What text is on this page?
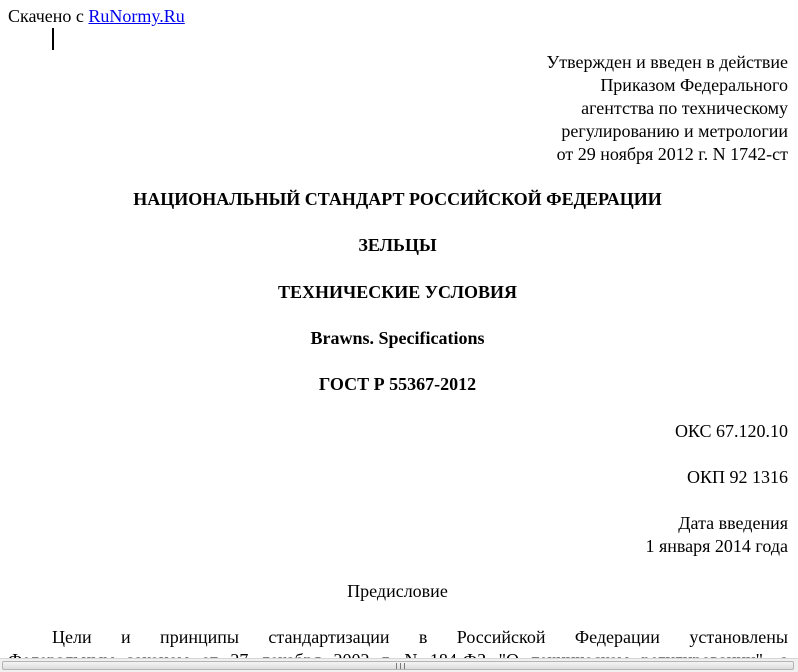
Скачено с RuNormy.Ru
Утвержден и введен в действие
Приказом Федерального
агентства по техническому
регулированию и метрологии
от 29 ноября 2012 г. N 1742-ст
НАЦИОНАЛЬНЫЙ СТАНДАРТ РОССИЙСКОЙ ФЕДЕРАЦИИ
ЗЕЛЬЦЫ
ТЕХНИЧЕСКИЕ УСЛОВИЯ
Brawns. Specifications
ГОСТ Р 55367-2012
ОКС 67.120.10
ОКП 92 1316
Дата введения
1 января 2014 года
Предисловие
Цели и принципы стандартизации в Российской Федерации установлены
